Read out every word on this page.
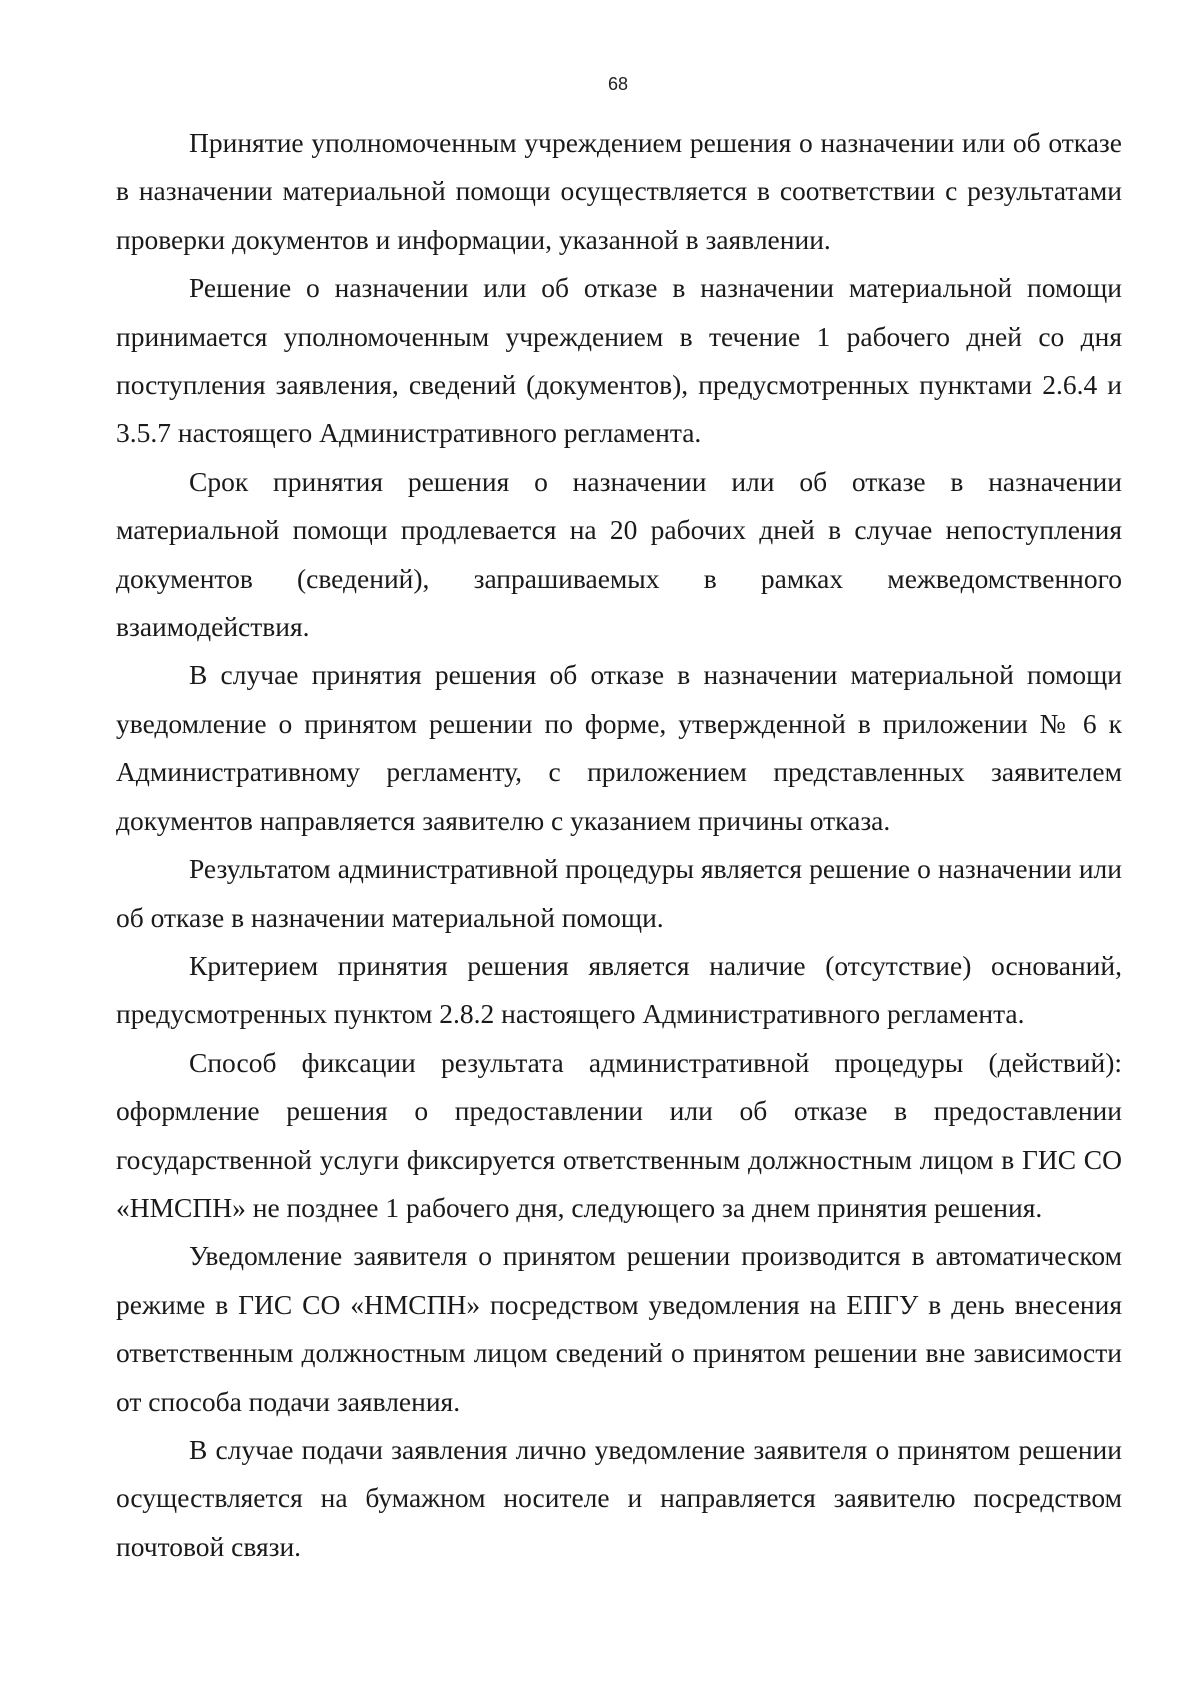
68

Принятие уполномоченным учреждением решения о назначении или об отказе в назначении материальной помощи осуществляется в соответствии с результатами проверки документов и информации, указанной в заявлении.

Решение о назначении или об отказе в назначении материальной помощи принимается уполномоченным учреждением в течение 1 рабочего дней со дня поступления заявления, сведений (документов), предусмотренных пунктами 2.6.4 и 3.5.7 настоящего Административного регламента.

Срок принятия решения о назначении или об отказе в назначении материальной помощи продлевается на 20 рабочих дней в случае непоступления документов (сведений), запрашиваемых в рамках межведомственного взаимодействия.

В случае принятия решения об отказе в назначении материальной помощи уведомление о принятом решении по форме, утвержденной в приложении № 6 к Административному регламенту, с приложением представленных заявителем документов направляется заявителю с указанием причины отказа.

Результатом административной процедуры является решение о назначении или об отказе в назначении материальной помощи.

Критерием принятия решения является наличие (отсутствие) оснований, предусмотренных пунктом 2.8.2 настоящего Административного регламента.

Способ фиксации результата административной процедуры (действий): оформление решения о предоставлении или об отказе в предоставлении государственной услуги фиксируется ответственным должностным лицом в ГИС СО «НМСПН» не позднее 1 рабочего дня, следующего за днем принятия решения.

Уведомление заявителя о принятом решении производится в автоматическом режиме в ГИС СО «НМСПН» посредством уведомления на ЕПГУ в день внесения ответственным должностным лицом сведений о принятом решении вне зависимости от способа подачи заявления.

В случае подачи заявления лично уведомление заявителя о принятом решении осуществляется на бумажном носителе и направляется заявителю посредством почтовой связи.
